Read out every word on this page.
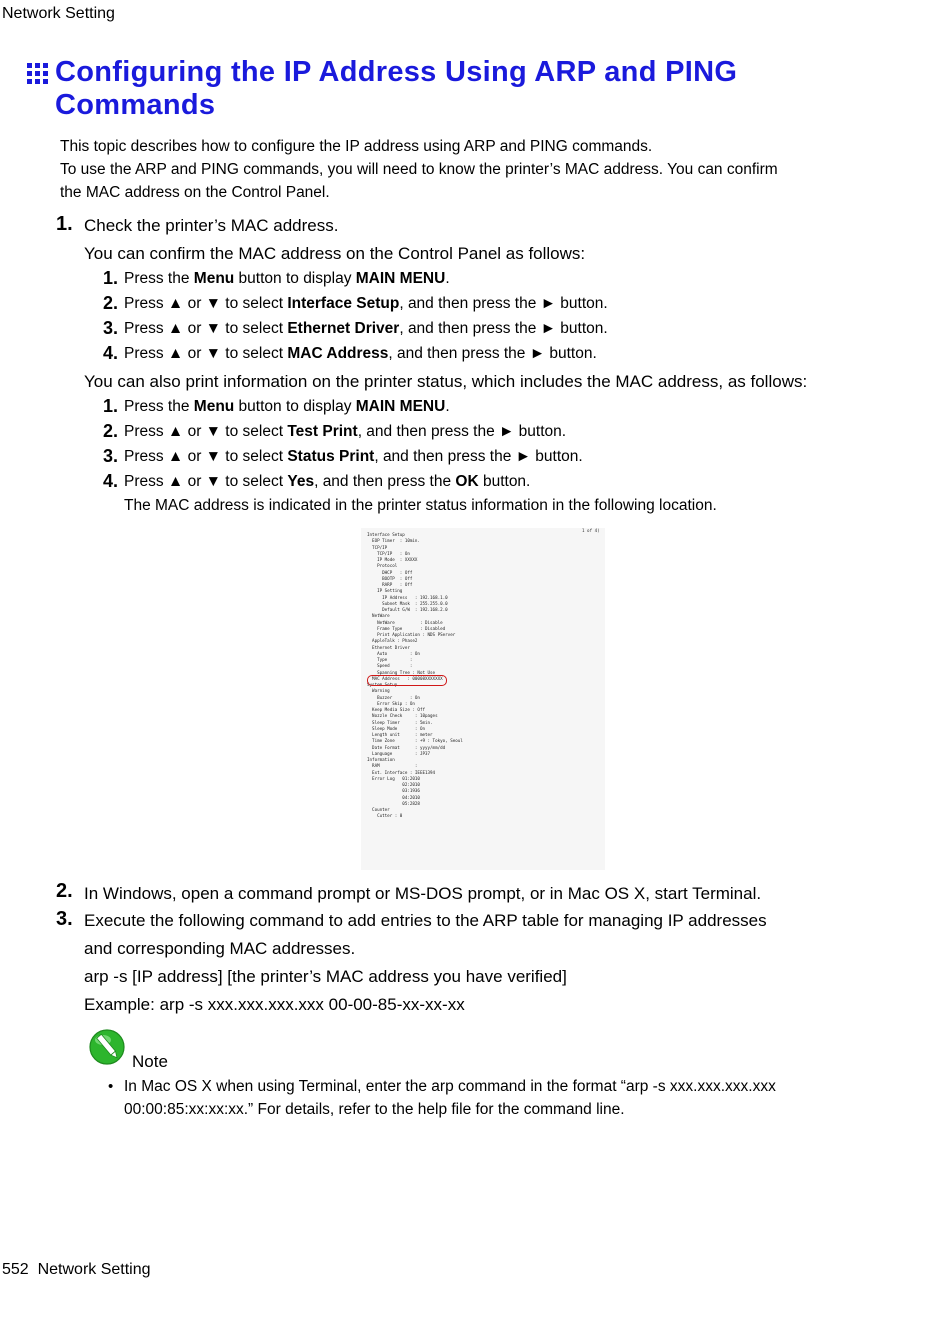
Network Setting
Configuring the IP Address Using ARP and PING
Commands
This topic describes how to configure the IP address using ARP and PING commands.
To use the ARP and PING commands, you will need to know the printer’s MAC address. You can confirm
the MAC address on the Control Panel.
1. Check the printer’s MAC address.
You can confirm the MAC address on the Control Panel as follows:
1. Press the Menu button to display MAIN MENU.
2. Press ▲ or ▼ to select Interface Setup, and then press the ► button.
3. Press ▲ or ▼ to select Ethernet Driver, and then press the ► button.
4. Press ▲ or ▼ to select MAC Address, and then press the ► button.
You can also print information on the printer status, which includes the MAC address, as follows:
1. Press the Menu button to display MAIN MENU.
2. Press ▲ or ▼ to select Test Print, and then press the ► button.
3. Press ▲ or ▼ to select Status Print, and then press the ► button.
4. Press ▲ or ▼ to select Yes, and then press the OK button.
The MAC address is indicated in the printer status information in the following location.
1 of 4)
Interface Setup
EOP Timer  : 10min.
TCP/IP
TCP/IP   : On
IP Mode  : XXXXX
Protocol
DHCP   : Off
BOOTP  : Off
RARP   : Off
IP Setting
IP Address   : 192.168.1.0
Subnet Mask  : 255.255.0.0
Default G/W  : 192.168.2.0
NetWare
NetWare          : Disable
Frame Type       : Disabled
Print Application : NDS PServer
AppleTalk : Phase2
Ethernet Driver
Auto         : On
Type         :
Speed        :
Spanning Tree : Not Use
MAC Address   : 00008XXXXXXX
System Setup
Warning
Buzzer       : On
Error Skip : On
Keep Media Size : Off
Nozzle Check     : 10pages
Sleep Timer      : 5min.
Sleep Mode       : On
Length unit      : meter
Time Zone        : +9 : Tokyo, Seoul
Date Format      : yyyy/mm/dd
Language         : JP37
Information
RAM              :
Ext. Interface : IEEE1394
Error Log   01:2010
02:2010
03:1936
04:2010
05:2828
Counter
Cutter : 0
2. In Windows, open a command prompt or MS-DOS prompt, or in Mac OS X, start Terminal.
3. Execute the following command to add entries to the ARP table for managing IP addresses
and corresponding MAC addresses.
arp -s [IP address] [the printer’s MAC address you have verified]
Example: arp -s xxx.xxx.xxx.xxx 00-00-85-xx-xx-xx
Note
• In Mac OS X when using Terminal, enter the arp command in the format “arp -s xxx.xxx.xxx.xxx
00:00:85:xx:xx:xx.” For details, refer to the help file for the command line.
552 Network Setting
